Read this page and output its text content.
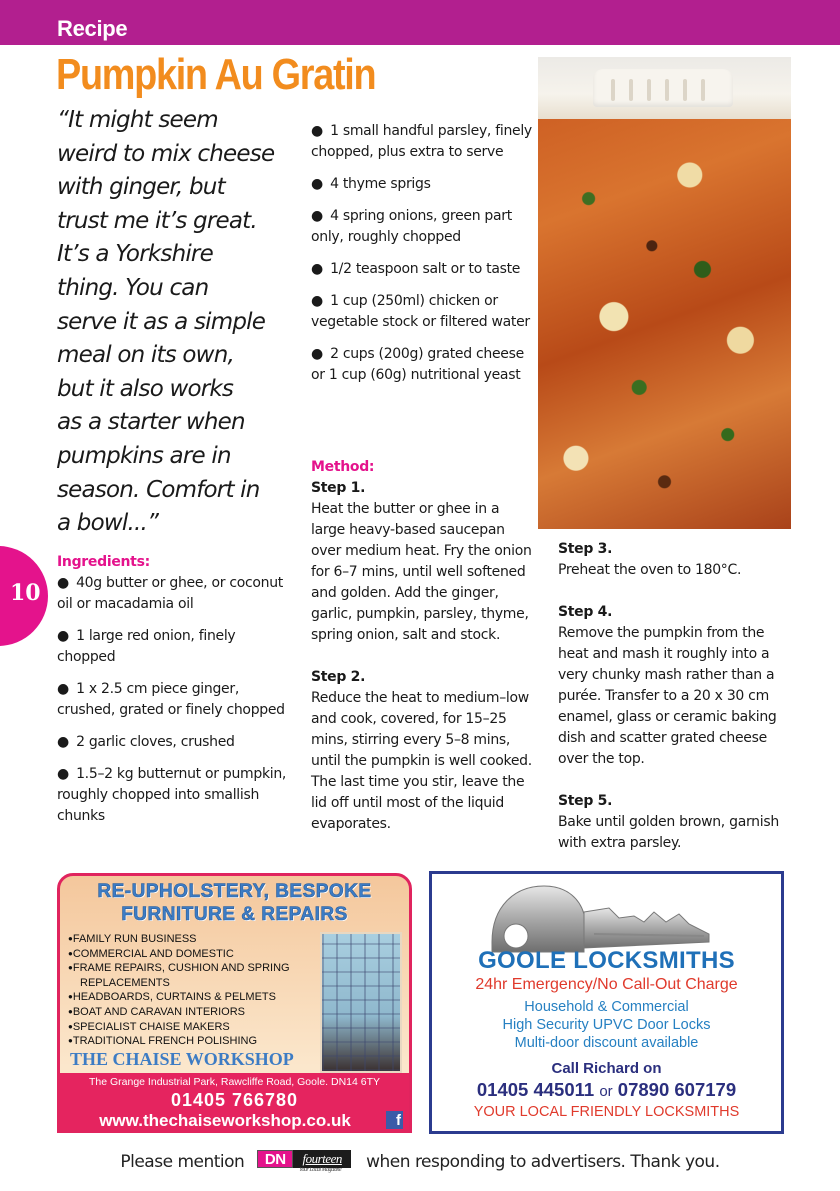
Recipe
Pumpkin Au Gratin
“It might seem
weird to mix cheese
with ginger, but
trust me it’s great.
It’s a Yorkshire
thing. You can
serve it as a simple
meal on its own,
but it also works
as a starter when
pumpkins are in
season. Comfort in
a bowl...”
10
Ingredients:
● 40g butter or ghee, or coconut oil or macadamia oil
● 1 large red onion, finely chopped
● 1 x 2.5 cm piece ginger, crushed, grated or finely chopped
● 2 garlic cloves, crushed
● 1.5–2 kg butternut or pumpkin, roughly chopped into smallish chunks
● 1 small handful parsley, finely chopped, plus extra to serve
● 4 thyme sprigs
● 4 spring onions, green part only, roughly chopped
● 1/2 teaspoon salt or to taste
● 1 cup (250ml) chicken or vegetable stock or filtered water
● 2 cups (200g) grated cheese or 1 cup (60g) nutritional yeast
Method:
Step 1.
Heat the butter or ghee in a large heavy-based saucepan over medium heat. Fry the onion for 6–7 mins, until well softened and golden. Add the ginger, garlic, pumpkin, parsley, thyme, spring onion, salt and stock.
Step 2.
Reduce the heat to medium–low and cook, covered, for 15–25 mins, stirring every 5–8 mins, until the pumpkin is well cooked. The last time you stir, leave the lid off until most of the liquid evaporates.
Step 3.
Preheat the oven to 180°C.
Step 4.
Remove the pumpkin from the heat and mash it roughly into a very chunky mash rather than a purée. Transfer to a 20 x 30 cm enamel, glass or ceramic baking dish and scatter grated cheese over the top.
Step 5.
Bake until golden brown, garnish with extra parsley.
RE-UPHOLSTERY, BESPOKE
FURNITURE & REPAIRS
● FAMILY RUN BUSINESS
● COMMERCIAL AND DOMESTIC
● FRAME REPAIRS, CUSHION AND SPRING
REPLACEMENTS
● HEADBOARDS, CURTAINS & PELMETS
● BOAT AND CARAVAN INTERIORS
● SPECIALIST CHAISE MAKERS
● TRADITIONAL FRENCH POLISHING
THE CHAISE WORKSHOP
The Grange Industrial Park, Rawcliffe Road, Goole. DN14 6TY
01405 766780
www.thechaiseworkshop.co.uk	f
GOOLE LOCKSMITHS
24hr Emergency/No Call-Out Charge
Household & Commercial
High Security UPVC Door Locks
Multi-door discount available
Call Richard on
01405 445011 or 07890 607179
YOUR LOCAL FRIENDLY LOCKSMITHS
Please mention	DN	fourteen
Your Local Magazine	when responding to advertisers. Thank you.
